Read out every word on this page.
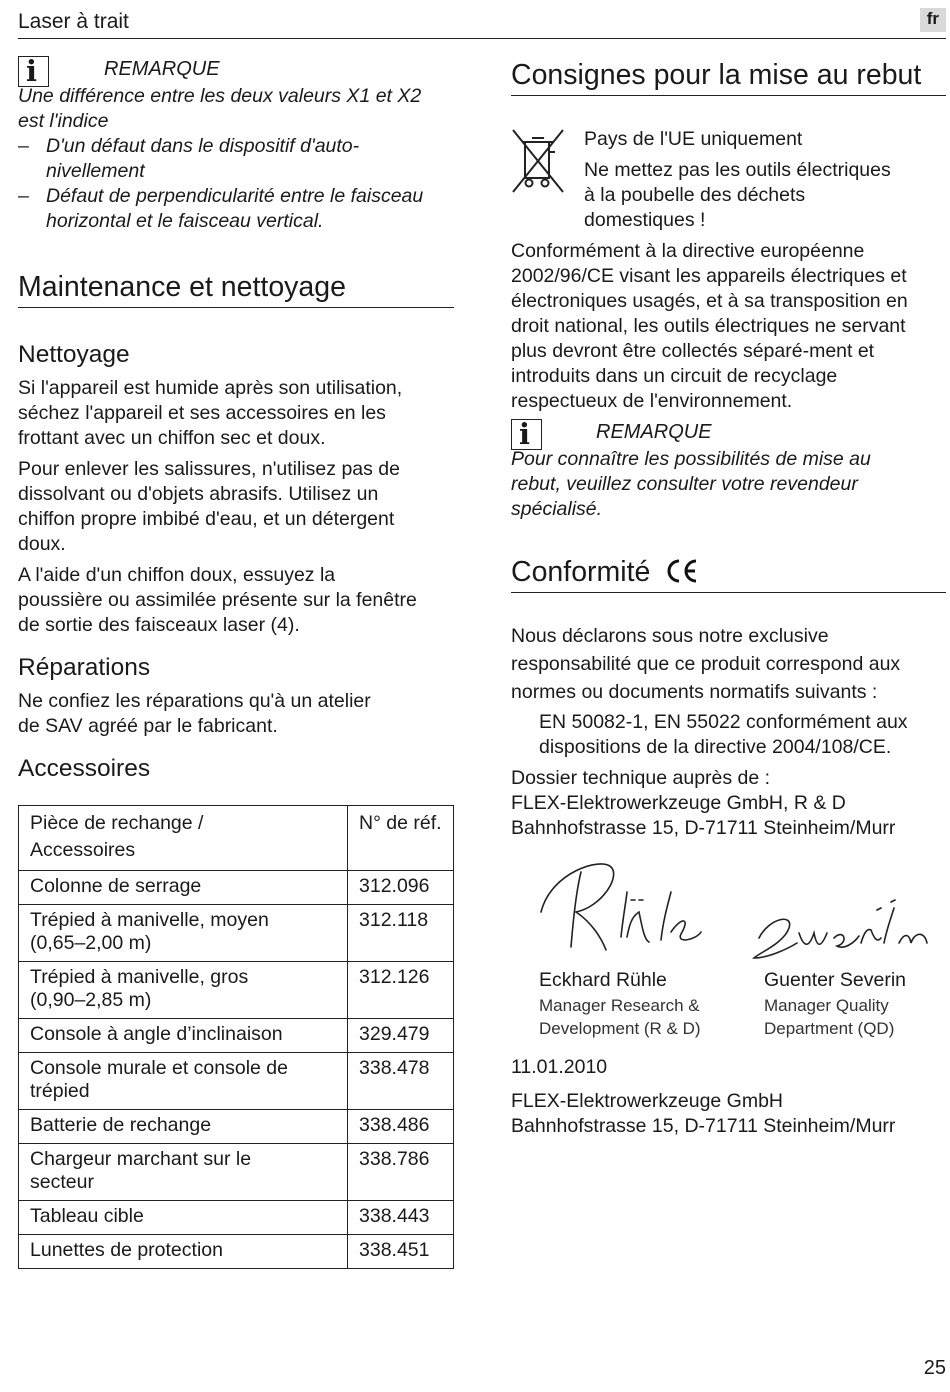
Laser à trait	fr
i	REMARQUE

Une différence entre les deux valeurs X1 et X2

est l'indice

– D'un défaut dans le dispositif d'auto-

nivellement

– Défaut de perpendicularité entre le faisceau

horizontal et le faisceau vertical.

Maintenance et nettoyage
Nettoyage

Si l'appareil est humide après son utilisation,

séchez l'appareil et ses accessoires en les

frottant avec un chiffon sec et doux.

Pour enlever les salissures, n'utilisez pas de

dissolvant ou d'objets abrasifs. Utilisez un

chiffon propre imbibé d'eau, et un détergent

doux.

A l'aide d'un chiffon doux, essuyez la

poussière ou assimilée présente sur la fenêtre

de sortie des faisceaux laser (4).

Réparations

Ne confiez les réparations qu'à un atelier

de SAV agréé par le fabricant.

Accessoires
Pièce de rechange /
Accessoires	N° de réf.

Colonne de serrage	312.096

Trépied à manivelle, moyen
(0,65–2,00 m)	312.118

Trépied à manivelle, gros
(0,90–2,85 m)	312.126

Console à angle d’inclinaison	329.479

Console murale et console de
trépied	338.478

Batterie de rechange	338.486

Chargeur marchant sur le
secteur	338.786

Tableau cible	338.443

Lunettes de protection	338.451
Consignes pour la mise au rebut
Pays de l'UE uniquement

Ne mettez pas les outils électriques

à la poubelle des déchets

domestiques !

Conformément à la directive européenne

2002/96/CE visant les appareils électriques et

électroniques usagés, et à sa transposition en

droit national, les outils électriques ne servant

plus devront être collectés séparé-ment et

introduits dans un circuit de recyclage

respectueux de l'environnement.

i	REMARQUE

Pour connaître les possibilités de mise au

rebut, veuillez consulter votre revendeur

spécialisé.

Conformité

Nous déclarons sous notre exclusive

responsabilité que ce produit correspond aux

normes ou documents normatifs suivants :

EN 50082-1, EN 55022 conformément aux

dispositions de la directive 2004/108/CE.

Dossier technique auprès de :

FLEX-Elektrowerkzeuge GmbH, R & D

Bahnhofstrasse 15, D-71711 Steinheim/Murr

Eckhard Rühle

Manager Research &

Development (R & D)

Guenter Severin

Manager Quality

Department (QD)

11.01.2010

FLEX-Elektrowerkzeuge GmbH

Bahnhofstrasse 15, D-71711 Steinheim/Murr

25
